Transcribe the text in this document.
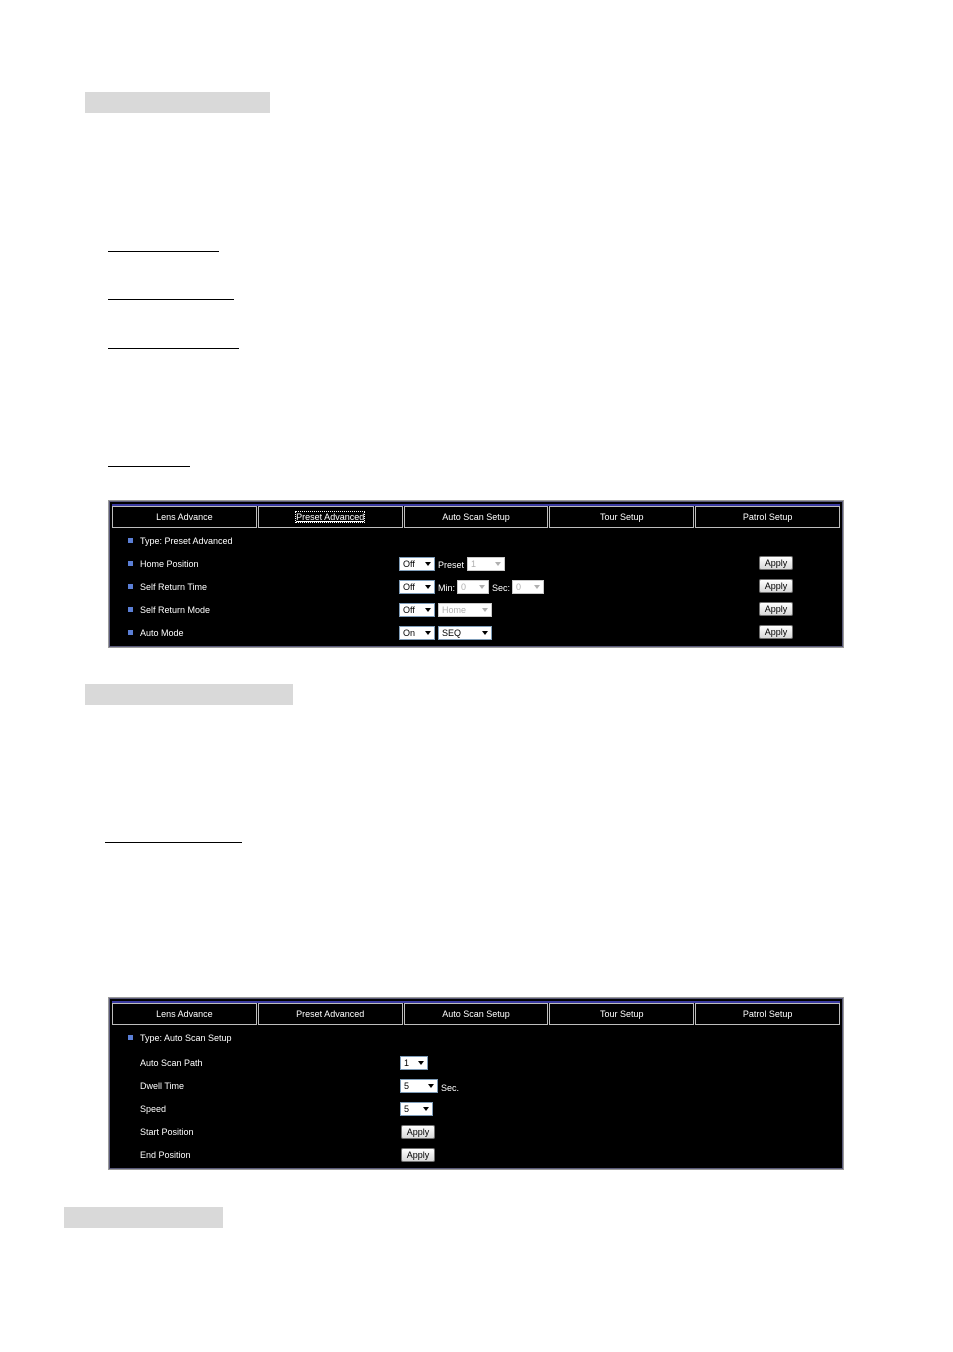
Lens Advance	Preset Advanced	Auto Scan Setup	Tour Setup	Patrol Setup
Type: Preset Advanced
Home Position	Off	Preset 1	Apply
Self Return Time	Off	Min: 0	Sec: 0	Apply
Self Return Mode	Off	Home	Apply
Auto Mode	On	SEQ	Apply
Lens Advance	Preset Advanced	Auto Scan Setup	Tour Setup	Patrol Setup
Type: Auto Scan Setup
Auto Scan Path	1
Dwell Time	5	Sec.
Speed	5
Start Position	Apply
End Position	Apply
